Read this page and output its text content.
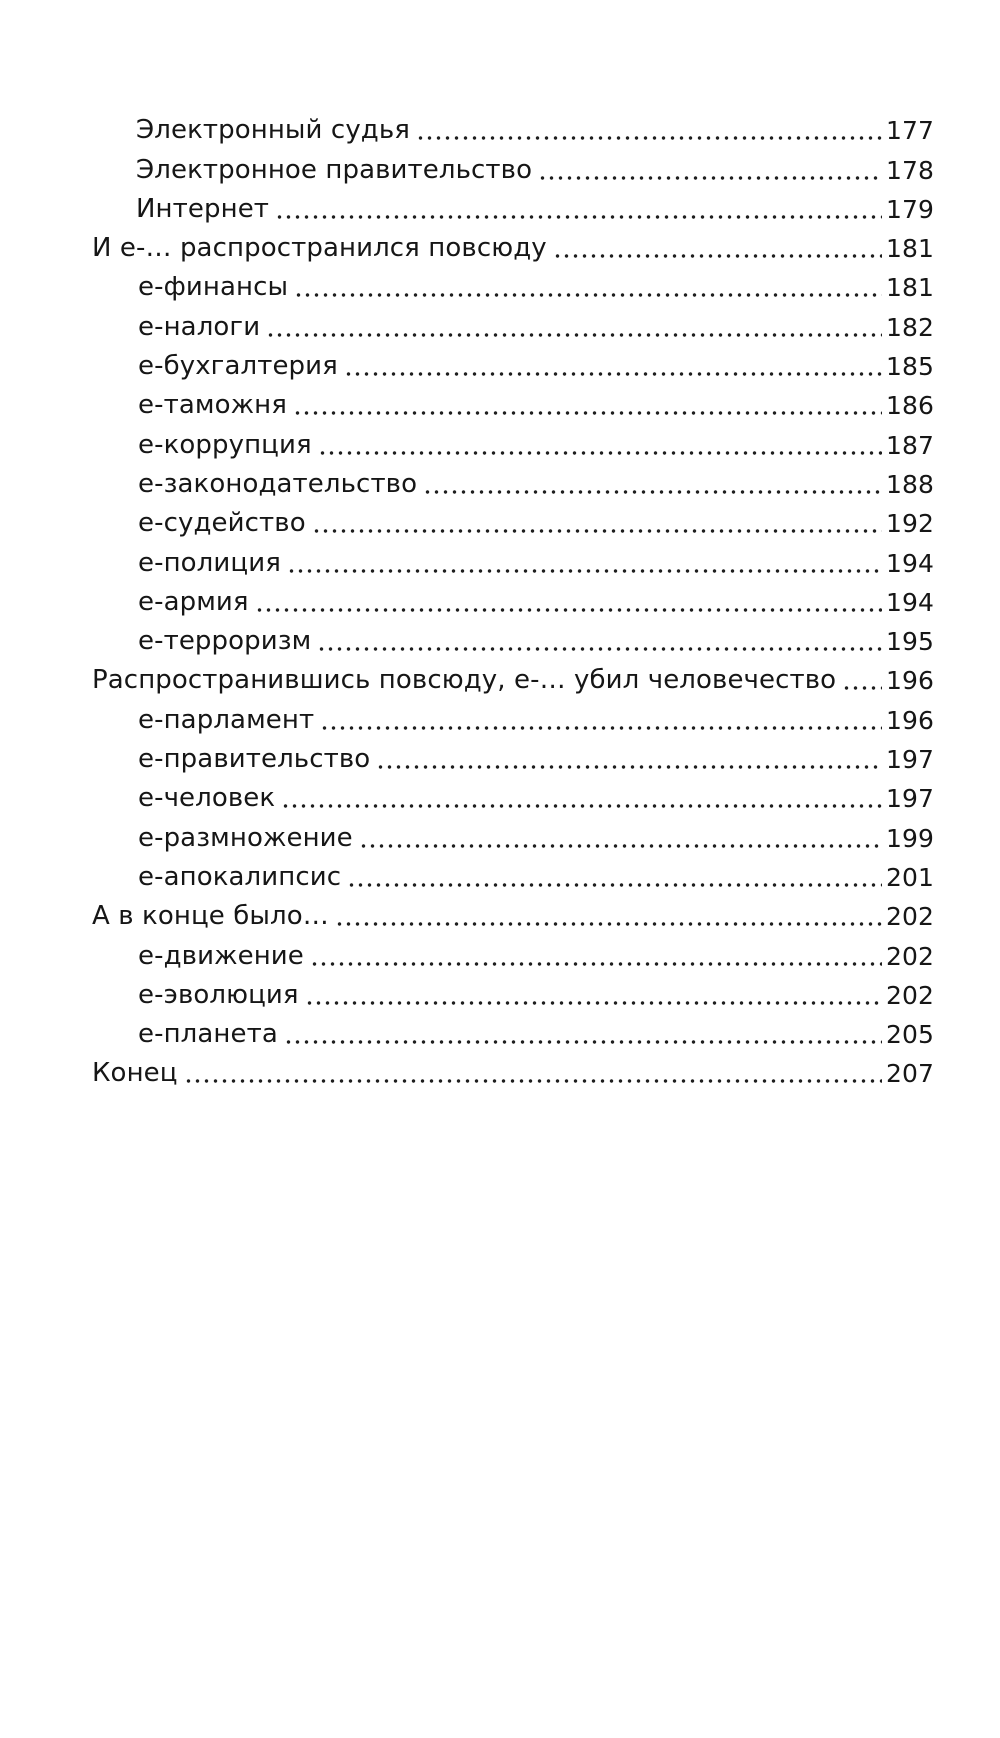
Электронный судья	177
Электронное правительство	178
Интернет	179
И е-… распространился повсюду	181
е-финансы	181
е-налоги	182
е-бухгалтерия	185
е-таможня	186
е-коррупция	187
е-законодательство	188
е-судейство	192
е-полиция	194
е-армия	194
е-терроризм	195
Распространившись повсюду, е-… убил человечество 196
е-парламент	196
е-правительство	197
е-человек	197
е-размножение	199
е-апокалипсис	201
А в конце было…	202
е-движение	202
е-эволюция	202
е-планета	205
Конец	207
